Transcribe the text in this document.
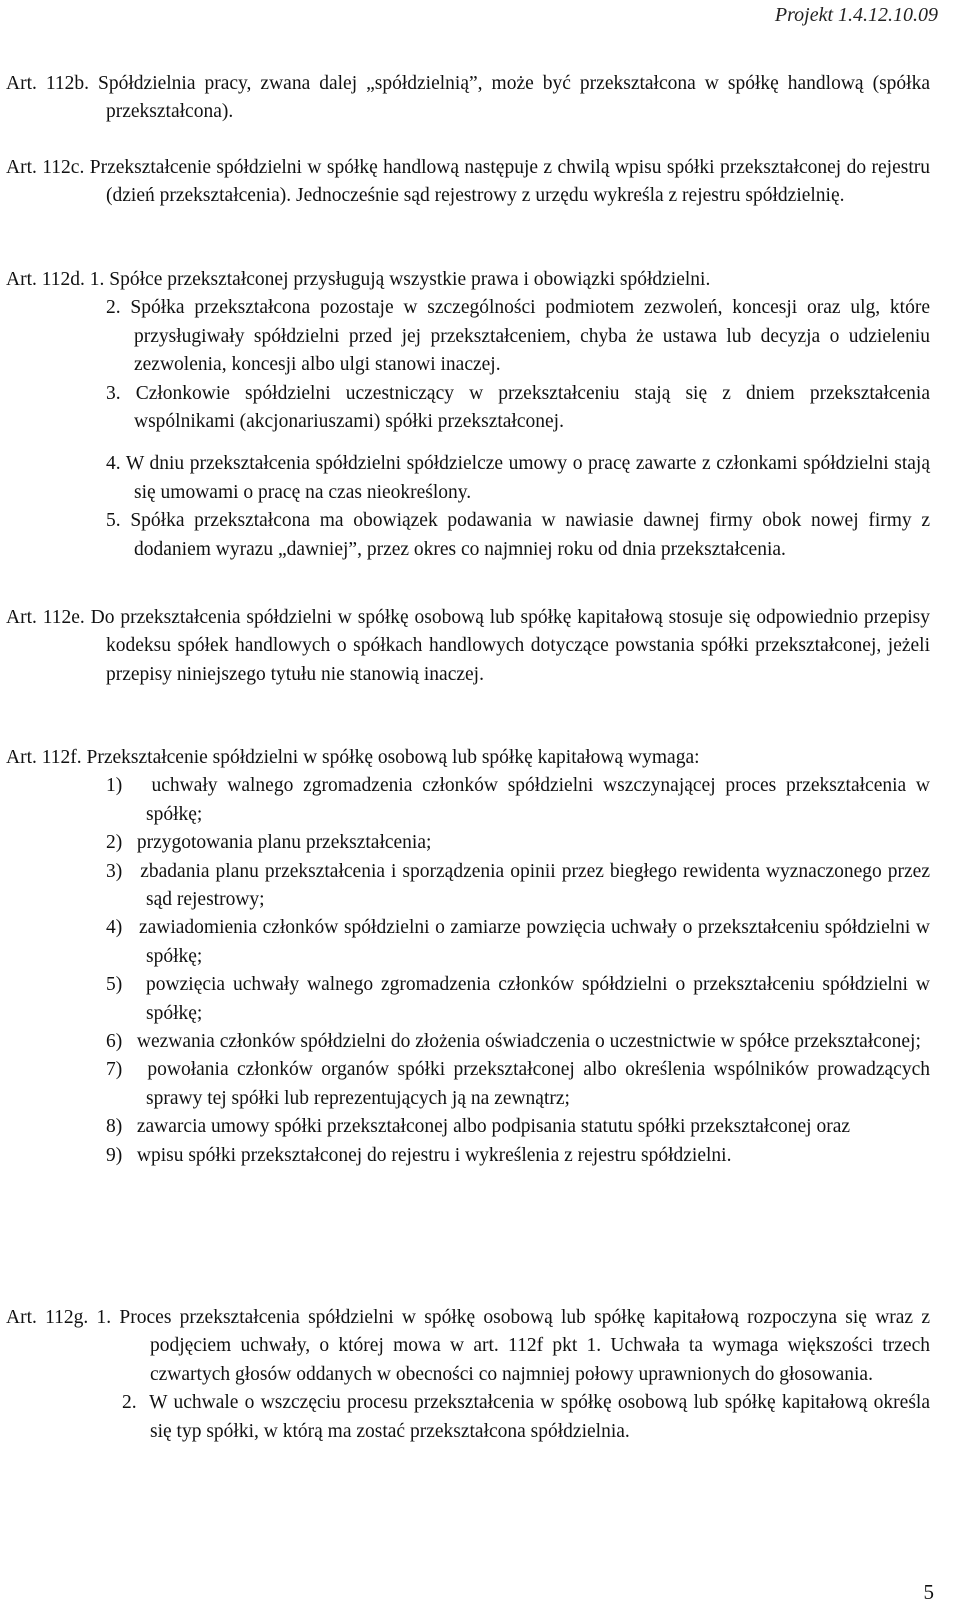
Projekt 1.4.12.10.09

Art. 112b. Spółdzielnia pracy, zwana dalej „spółdzielnią”, może być przekształcona w spółkę handlową (spółka przekształcona).

Art. 112c. Przekształcenie spółdzielni w spółkę handlową następuje z chwilą wpisu spółki przekształconej do rejestru (dzień przekształcenia). Jednocześnie sąd rejestrowy z urzędu wykreśla z rejestru spółdzielnię.

Art. 112d. 1. Spółce przekształconej przysługują wszystkie prawa i obowiązki spółdzielni.

2. Spółka przekształcona pozostaje w szczególności podmiotem zezwoleń, koncesji oraz ulg, które przysługiwały spółdzielni przed jej przekształceniem, chyba że ustawa lub decyzja o udzieleniu zezwolenia, koncesji albo ulgi stanowi inaczej.

3. Członkowie spółdzielni uczestniczący w przekształceniu stają się z dniem przekształcenia wspólnikami (akcjonariuszami) spółki przekształconej.

4. W dniu przekształcenia spółdzielni spółdzielcze umowy o pracę zawarte z członkami spółdzielni stają się umowami o pracę na czas nieokreślony.

5. Spółka przekształcona ma obowiązek podawania w nawiasie dawnej firmy obok nowej firmy z dodaniem wyrazu „dawniej”, przez okres co najmniej roku od dnia przekształcenia.

Art. 112e. Do przekształcenia spółdzielni w spółkę osobową lub spółkę kapitałową stosuje się odpowiednio przepisy kodeksu spółek handlowych o spółkach handlowych dotyczące powstania spółki przekształconej, jeżeli przepisy niniejszego tytułu nie stanowią inaczej.

Art. 112f. Przekształcenie spółdzielni w spółkę osobową lub spółkę kapitałową wymaga:

1)   uchwały walnego zgromadzenia członków spółdzielni wszczynającej proces przekształcenia w spółkę;

2)   przygotowania planu przekształcenia;

3)   zbadania planu przekształcenia i sporządzenia opinii przez biegłego rewidenta wyznaczonego przez sąd rejestrowy;

4)   zawiadomienia członków spółdzielni o zamiarze powzięcia uchwały o przekształceniu spółdzielni w spółkę;

5)   powzięcia uchwały walnego zgromadzenia członków spółdzielni o przekształceniu spółdzielni w spółkę;

6)   wezwania członków spółdzielni do złożenia oświadczenia o uczestnictwie w spółce przekształconej;

7)   powołania członków organów spółki przekształconej albo określenia wspólników prowadzących sprawy tej spółki lub reprezentujących ją na zewnątrz;

8)   zawarcia umowy spółki przekształconej albo podpisania statutu spółki przekształconej oraz

9)   wpisu spółki przekształconej do rejestru i wykreślenia z rejestru spółdzielni.

Art. 112g. 1. Proces przekształcenia spółdzielni w spółkę osobową lub spółkę kapitałową rozpoczyna się wraz z podjęciem uchwały, o której mowa w art. 112f pkt 1. Uchwała ta wymaga większości trzech czwartych głosów oddanych w obecności co najmniej połowy uprawnionych do głosowania.

2.  W uchwale o wszczęciu procesu przekształcenia w spółkę osobową lub spółkę kapitałową określa się typ spółki, w którą ma zostać przekształcona spółdzielnia.

5
